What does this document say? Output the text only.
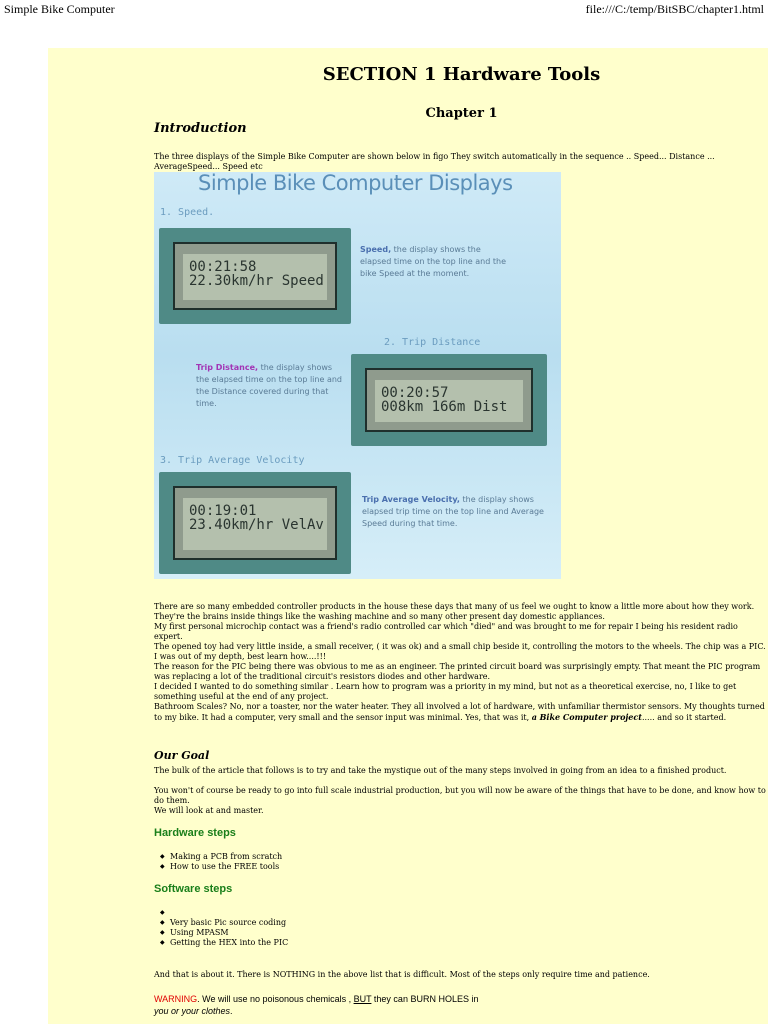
Simple Bike Computer	file:///C:/temp/BitSBC/chapter1.html
SECTION 1 Hardware Tools
Chapter 1
Introduction

The three displays of the Simple Bike Computer are shown below in figo They switch automatically in the sequence .. Speed... Distance ... AverageSpeed... Speed etc

Simple Bike Computer Displays
1. Speed.
00:21:58
22.30km/hr Speed
Speed, the display shows the elapsed time on the top line and the bike Speed at the moment.
2. Trip Distance
00:20:57
008km 166m Dist
Trip Distance, the display shows the elapsed time on the top line and the Distance covered during that time.
3. Trip Average Velocity
00:19:01
23.40km/hr VelAv
Trip Average Velocity, the display shows elapsed trip time on the top line and Average Speed during that time.

There are so many embedded controller products in the house these days that many of us feel we ought to know a little more about how they work. They're the brains inside things like the washing machine and so many other present day domestic appliances.

My first personal microchip contact was a friend's radio controlled car which "died" and was brought to me for repair I being his resident radio expert.

The opened toy had very little inside, a small receiver, ( it was ok) and a small chip beside it, controlling the motors to the wheels. The chip was a PIC. I was out of my depth, best learn how....!!!

The reason for the PIC being there was obvious to me as an engineer. The printed circuit board was surprisingly empty. That meant the PIC program was replacing a lot of the traditional circuit's resistors diodes and other hardware.

I decided I wanted to do something similar . Learn how to program was a priority in my mind, but not as a theoretical exercise, no, I like to get something useful at the end of any project.

Bathroom Scales? No, nor a toaster, nor the water heater. They all involved a lot of hardware, with unfamiliar thermistor sensors. My thoughts turned to my bike. It had a computer, very small and the sensor input was minimal. Yes, that was it, a Bike Computer project..... and so it started.

Our Goal

The bulk of the article that follows is to try and take the mystique out of the many steps involved in going from an idea to a finished product.

You won't of course be ready to go into full scale industrial production, but you will now be aware of the things that have to be done, and know how to do them.

We will look at and master.

Hardware steps
◆ Making a PCB from scratch
◆ How to use the FREE tools
Software steps
◆
◆ Very basic Pic source coding
◆ Using MPASM
◆ Getting the HEX into the PIC

And that is about it. There is NOTHING in the above list that is difficult. Most of the steps only require time and patience.

WARNING. We will use no poisonous chemicals , BUT they can BURN HOLES in
you or your clothes.
